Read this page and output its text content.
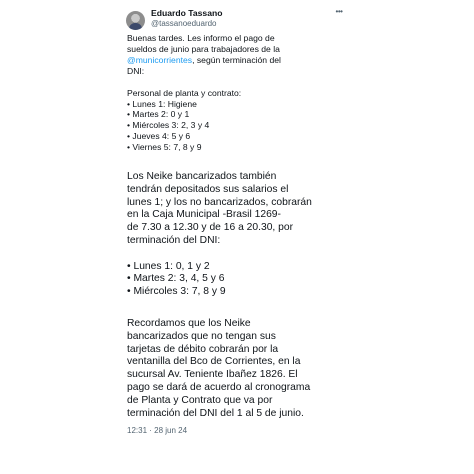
Eduardo Tassano
@tassanoeduardo
•••

Buenas tardes. Les informo el pago de

sueldos de junio para trabajadores de la

@municorrientes, según terminación del

DNI:

Personal de planta y contrato:

• Lunes 1: Higiene

• Martes 2: 0 y 1

• Miércoles 3: 2, 3 y 4

• Jueves 4: 5 y 6

• Viernes 5: 7, 8 y 9

Los Neike bancarizados también

tendrán depositados sus salarios el

lunes 1; y los no bancarizados, cobrarán

en la Caja Municipal -Brasil 1269-

de 7.30 a 12.30 y de 16 a 20.30, por

terminación del DNI:

• Lunes 1: 0, 1 y 2

• Martes 2: 3, 4, 5 y 6

• Miércoles 3: 7, 8 y 9

Recordamos que los Neike

bancarizados que no tengan sus

tarjetas de débito cobrarán por la

ventanilla del Bco de Corrientes, en la

sucursal Av. Teniente Ibañez 1826. El

pago se dará de acuerdo al cronograma

de Planta y Contrato que va por

terminación del DNI del 1 al 5 de junio.

12:31 · 28 jun 24
